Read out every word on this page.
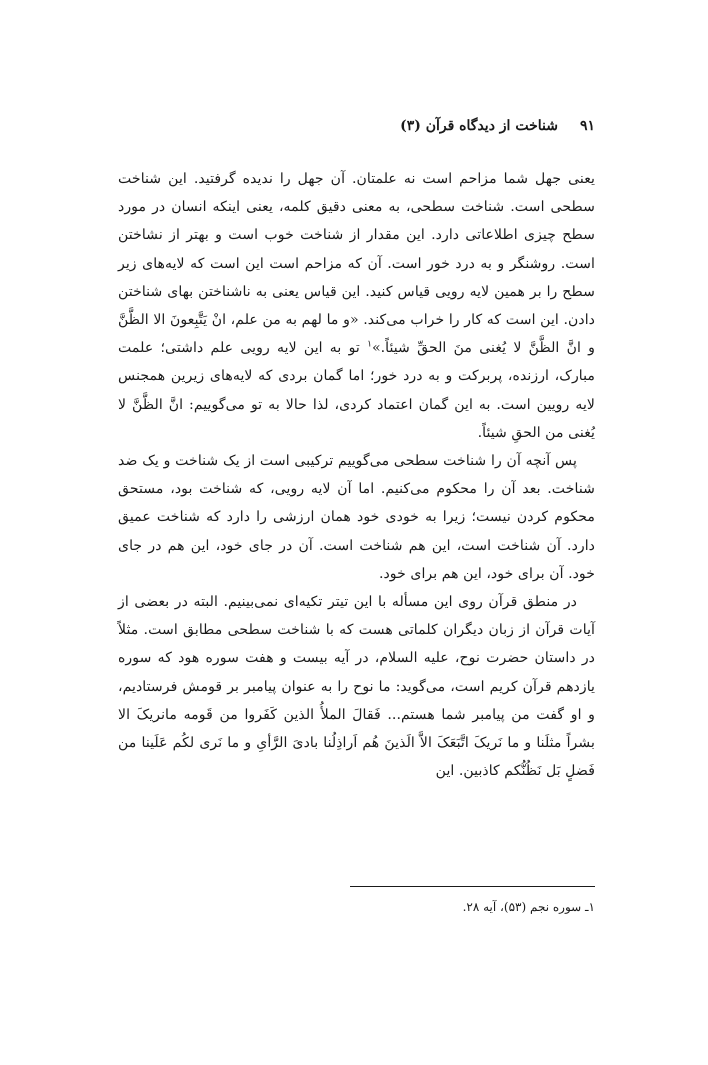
۹۱
شناخت از دیدگاه قرآن (۳)

یعنی جهل شما مزاحم است نه علمتان. آن جهل را ندیده گرفتید. این شناخت سطحی است. شناخت سطحی، به معنی دقیق کلمه، یعنی اینکه انسان در مورد سطح چیزی اطلاعاتی دارد. این مقدار از شناخت خوب است و بهتر از نشاختن است. روشنگر و به درد خور است. آن که مزاحم است این است که لایه‌های زیر سطح را بر همین لایه رویی قیاس کنید. این قیاس یعنی به ناشناختن بهای شناختن دادن. این است که کار را خراب می‌کند. «و ما لهم به من علم، انْ یَتَّبِعونَ الا الظَّنَّ و انَّ الظَّنَّ لا یُغنی منَ الحقِّ شیئاً.»$^۱$ تو به این لایه رویی علم داشتی؛ علمت مبارک، ارزنده، پربرکت و به درد خور؛ اما گمان بردی که لایه‌های زیرین همجنس لایه رویین است. به این گمان اعتماد کردی، لذا حالا به تو می‌گوییم: انَّ الظَّنَّ لا یُغنی من الحقِ شیئاً.

پس آنچه آن را شناخت سطحی می‌گوییم ترکیبی است از یک شناخت و یک ضد شناخت. بعد آن را محکوم می‌کنیم. اما آن لایه رویی، که شناخت بود، مستحق محکوم کردن نیست؛ زیرا به خودی خود همان ارزشی را دارد که شناخت عمیق دارد. آن شناخت است، این هم شناخت است. آن در جای خود، این هم در جای خود. آن برای خود، این هم برای خود.

در منطق قرآن روی این مسأله با این تیتر تکیه‌ای نمی‌بینیم. البته در بعضی از آیات قرآن از زبان دیگران کلماتی هست که با شناخت سطحی مطابق است. مثلاً در داستان حضرت نوح، علیه السلام، در آیه بیست و هفت سوره هود که سوره یازدهم قرآن کریم است، می‌گوید: ما نوح را به عنوان پیامبر بر قومش فرستادیم، و او گفت من پیامبر شما هستم... فَقالَ الملأُ الذین کَفَروا من قَومه مانریکَ الا بشراً مثلَنا و ما نَریکَ اتَّبَعَکَ الاَّ الَذینَ هُم اَراذِلُنا بادیَ الرَّأیِ و ما نَری لکُم عَلَینا من فَضلٍ بَل نَظُنُّکم کاذبین. این

۱ـ سوره نجم (۵۳)، آیه ۲۸.
